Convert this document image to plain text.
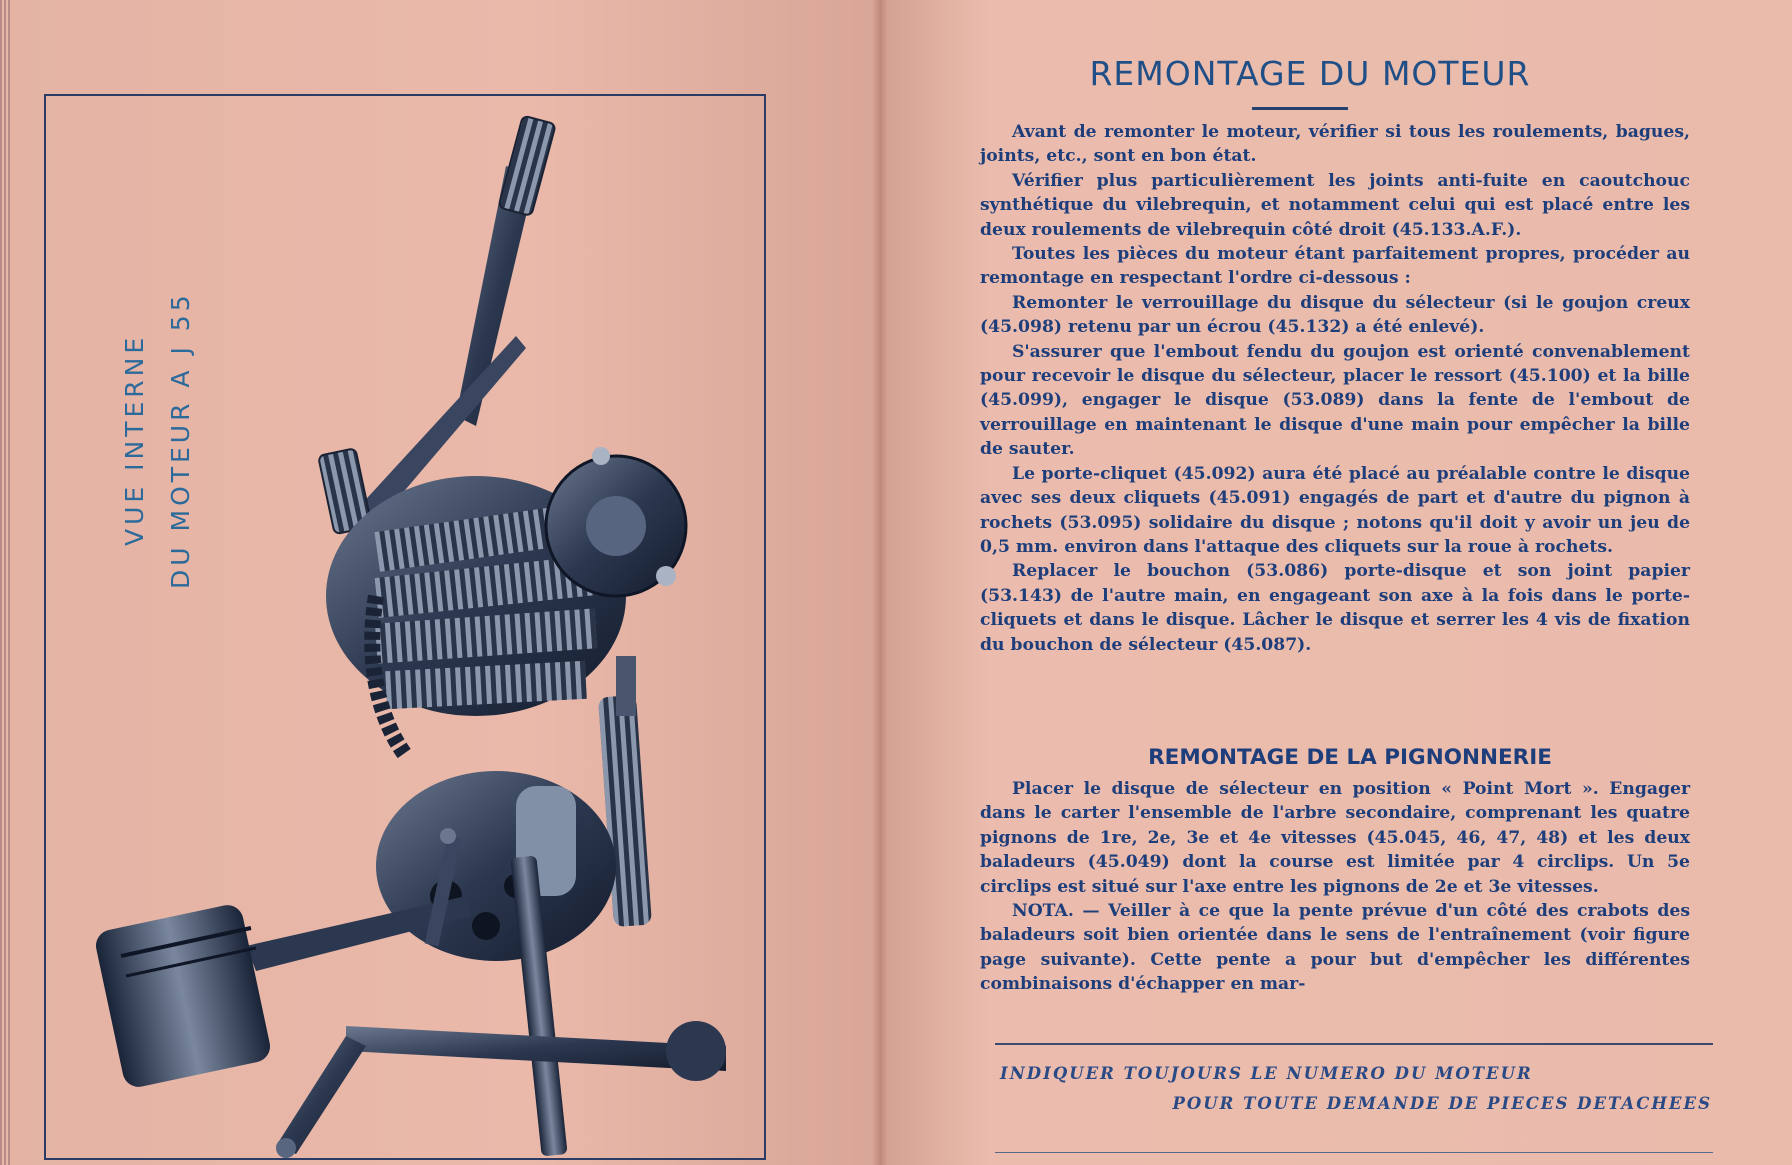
VUE INTERNE DU MOTEUR A J 55
REMONTAGE DU MOTEUR

Avant de remonter le moteur, vérifier si tous les roulements, bagues, joints, etc., sont en bon état.

Vérifier plus particulièrement les joints anti-fuite en caoutchouc synthétique du vilebrequin, et notamment celui qui est placé entre les deux roulements de vilebrequin côté droit (45.133.A.F.).

Toutes les pièces du moteur étant parfaitement propres, procéder au remontage en respectant l'ordre ci-dessous :

Remonter le verrouillage du disque du sélecteur (si le goujon creux (45.098) retenu par un écrou (45.132) a été enlevé).

S'assurer que l'embout fendu du goujon est orienté convenablement pour recevoir le disque du sélecteur, placer le ressort (45.100) et la bille (45.099), engager le disque (53.089) dans la fente de l'embout de verrouillage en maintenant le disque d'une main pour empêcher la bille de sauter.

Le porte-cliquet (45.092) aura été placé au préalable contre le disque avec ses deux cliquets (45.091) engagés de part et d'autre du pignon à rochets (53.095) solidaire du disque ; notons qu'il doit y avoir un jeu de 0,5 mm. environ dans l'attaque des cliquets sur la roue à rochets.

Replacer le bouchon (53.086) porte-disque et son joint papier (53.143) de l'autre main, en engageant son axe à la fois dans le porte-cliquets et dans le disque. Lâcher le disque et serrer les 4 vis de fixation du bouchon de sélecteur (45.087).

REMONTAGE DE LA PIGNONNERIE

Placer le disque de sélecteur en position « Point Mort ». Engager dans le carter l'ensemble de l'arbre secondaire, comprenant les quatre pignons de 1re, 2e, 3e et 4e vitesses (45.045, 46, 47, 48) et les deux baladeurs (45.049) dont la course est limitée par 4 circlips. Un 5e circlips est situé sur l'axe entre les pignons de 2e et 3e vitesses.

NOTA. — Veiller à ce que la pente prévue d'un côté des crabots des baladeurs soit bien orientée dans le sens de l'entraînement (voir figure page suivante). Cette pente a pour but d'empêcher les différentes combinaisons d'échapper en mar-

INDIQUER TOUJOURS LE NUMERO DU MOTEUR
POUR TOUTE DEMANDE DE PIECES DETACHEES
